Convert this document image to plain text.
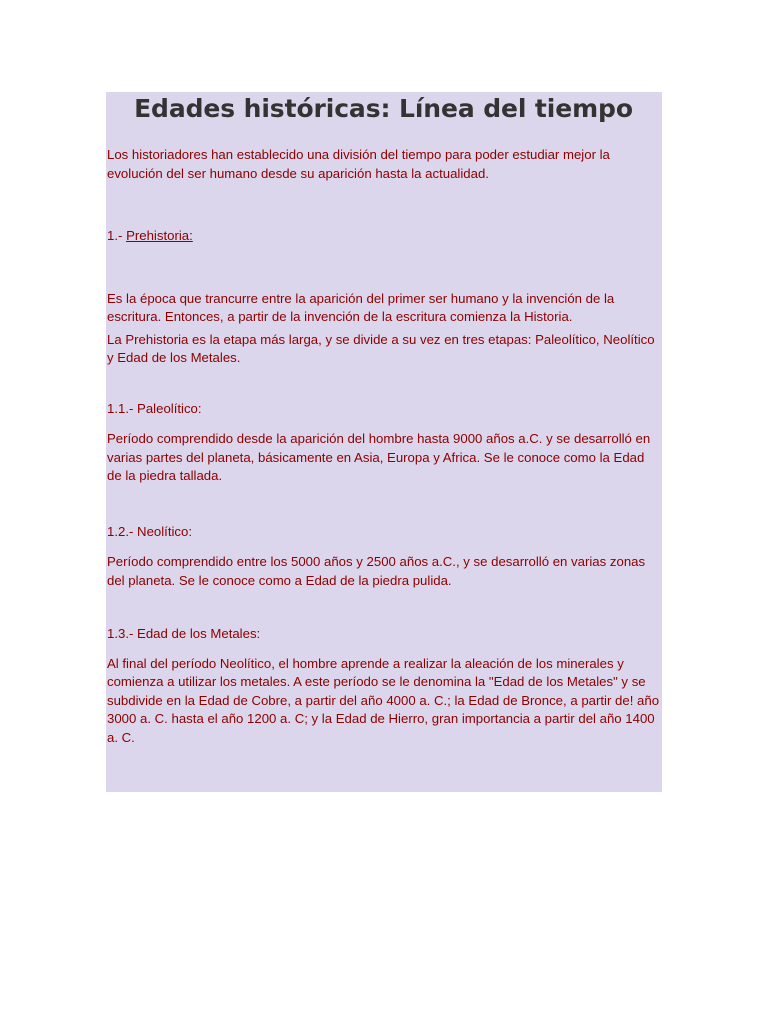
Edades históricas: Línea del tiempo

Los historiadores han establecido una división del tiempo para poder estudiar mejor la evolución del ser humano desde su aparición hasta la actualidad.

1.- Prehistoria:

Es la época que trancurre entre la aparición del primer ser humano y la invención de la escritura. Entonces, a partir de la invención de la escritura comienza la Historia.

La Prehistoria es la etapa más larga, y se divide a su vez en tres etapas: Paleolítico, Neolítico y Edad de los Metales.

1.1.- Paleolítico:

Período comprendido desde la aparición del hombre hasta 9000 años a.C. y se desarrolló en varias partes del planeta, básicamente en Asia, Europa y Africa. Se le conoce como la Edad de la piedra tallada.

1.2.- Neolítico:

Período comprendido entre los 5000 años y 2500 años a.C., y se desarrolló en varias zonas del planeta. Se le conoce como a Edad de la piedra pulida.

1.3.- Edad de los Metales:

Al final del período Neolítico, el hombre aprende a realizar la aleación de los minerales y comienza a utilizar los metales. A este período se le denomina la "Edad de los Metales" y se subdivide en la Edad de Cobre, a partir del año 4000 a. C.; la Edad de Bronce, a partir de! año 3000 a. C. hasta el año 1200 a. C; y la Edad de Hierro, gran importancia a partir del año 1400 a. C.
